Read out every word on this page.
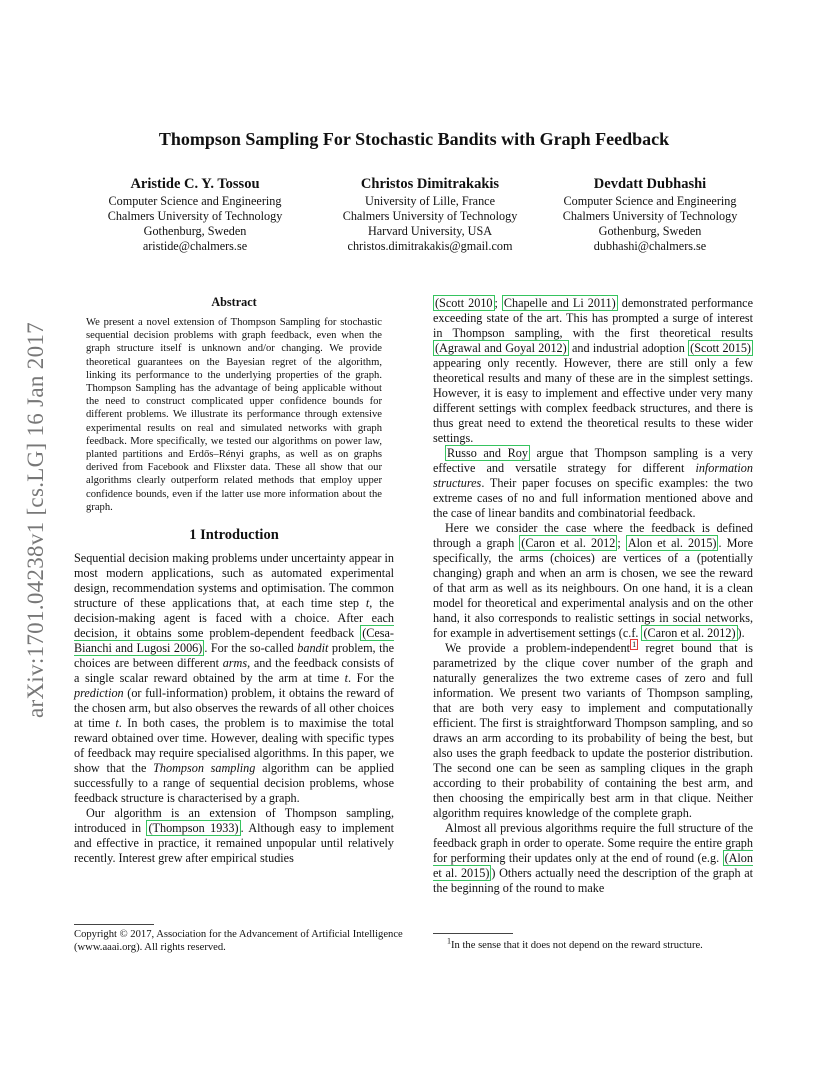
arXiv:1701.04238v1 [cs.LG] 16 Jan 2017
Thompson Sampling For Stochastic Bandits with Graph Feedback
Aristide C. Y. Tossou
Computer Science and Engineering
Chalmers University of Technology
Gothenburg, Sweden
aristide@chalmers.se
Christos Dimitrakakis
University of Lille, France
Chalmers University of Technology
Harvard University, USA
christos.dimitrakakis@gmail.com
Devdatt Dubhashi
Computer Science and Engineering
Chalmers University of Technology
Gothenburg, Sweden
dubhashi@chalmers.se

Abstract

We present a novel extension of Thompson Sampling for stochastic sequential decision problems with graph feedback, even when the graph structure itself is unknown and/or changing. We provide theoretical guarantees on the Bayesian regret of the algorithm, linking its performance to the underlying properties of the graph. Thompson Sampling has the advantage of being applicable without the need to construct complicated upper confidence bounds for different problems. We illustrate its performance through extensive experimental results on real and simulated networks with graph feedback. More specifically, we tested our algorithms on power law, planted partitions and Erdős–Rényi graphs, as well as on graphs derived from Facebook and Flixster data. These all show that our algorithms clearly outperform related methods that employ upper confidence bounds, even if the latter use more information about the graph.

1 Introduction

Sequential decision making problems under uncertainty appear in most modern applications, such as automated experimental design, recommendation systems and optimisation. The common structure of these applications that, at each time step t, the decision-making agent is faced with a choice. After each decision, it obtains some problem-dependent feedback (Cesa-Bianchi and Lugosi 2006) . For the so-called bandit problem, the choices are between different arms, and the feedback consists of a single scalar reward obtained by the arm at time t. For the prediction (or full-information) problem, it obtains the reward of the chosen arm, but also observes the rewards of all other choices at time t. In both cases, the problem is to maximise the total reward obtained over time. However, dealing with specific types of feedback may require specialised algorithms. In this paper, we show that the Thompson sampling algorithm can be applied successfully to a range of sequential decision problems, whose feedback structure is characterised by a graph.

Our algorithm is an extension of Thompson sampling, introduced in (Thompson 1933) . Although easy to implement and effective in practice, it remained unpopular until relatively recently. Interest grew after empirical studies

Copyright © 2017, Association for the Advancement of Artificial Intelligence (www.aaai.org). All rights reserved.

(Scott 2010 ; Chapelle and Li 2011) demonstrated performance exceeding state of the art. This has prompted a surge of interest in Thompson sampling, with the first theoretical results (Agrawal and Goyal 2012) and industrial adoption (Scott 2015) appearing only recently. However, there are still only a few theoretical results and many of these are in the simplest settings. However, it is easy to implement and effective under very many different settings with complex feedback structures, and there is thus great need to extend the theoretical results to these wider settings.

Russo and Roy argue that Thompson sampling is a very effective and versatile strategy for different information structures. Their paper focuses on specific examples: the two extreme cases of no and full information mentioned above and the case of linear bandits and combinatorial feedback.

Here we consider the case where the feedback is defined through a graph (Caron et al. 2012 ; Alon et al. 2015) . More specifically, the arms (choices) are vertices of a (potentially changing) graph and when an arm is chosen, we see the reward of that arm as well as its neighbours. On one hand, it is a clean model for theoretical and experimental analysis and on the other hand, it also corresponds to realistic settings in social networks, for example in advertisement settings (c.f. (Caron et al. 2012) ).

We provide a problem-independent $^1$ regret bound that is parametrized by the clique cover number of the graph and naturally generalizes the two extreme cases of zero and full information. We present two variants of Thompson sampling, that are both very easy to implement and computationally efficient. The first is straightforward Thompson sampling, and so draws an arm according to its probability of being the best, but also uses the graph feedback to update the posterior distribution. The second one can be seen as sampling cliques in the graph according to their probability of containing the best arm, and then choosing the empirically best arm in that clique. Neither algorithm requires knowledge of the complete graph.

Almost all previous algorithms require the full structure of the feedback graph in order to operate. Some require the entire graph for performing their updates only at the end of round (e.g. (Alon et al. 2015) ) Others actually need the description of the graph at the beginning of the round to make

$^1$In the sense that it does not depend on the reward structure.
